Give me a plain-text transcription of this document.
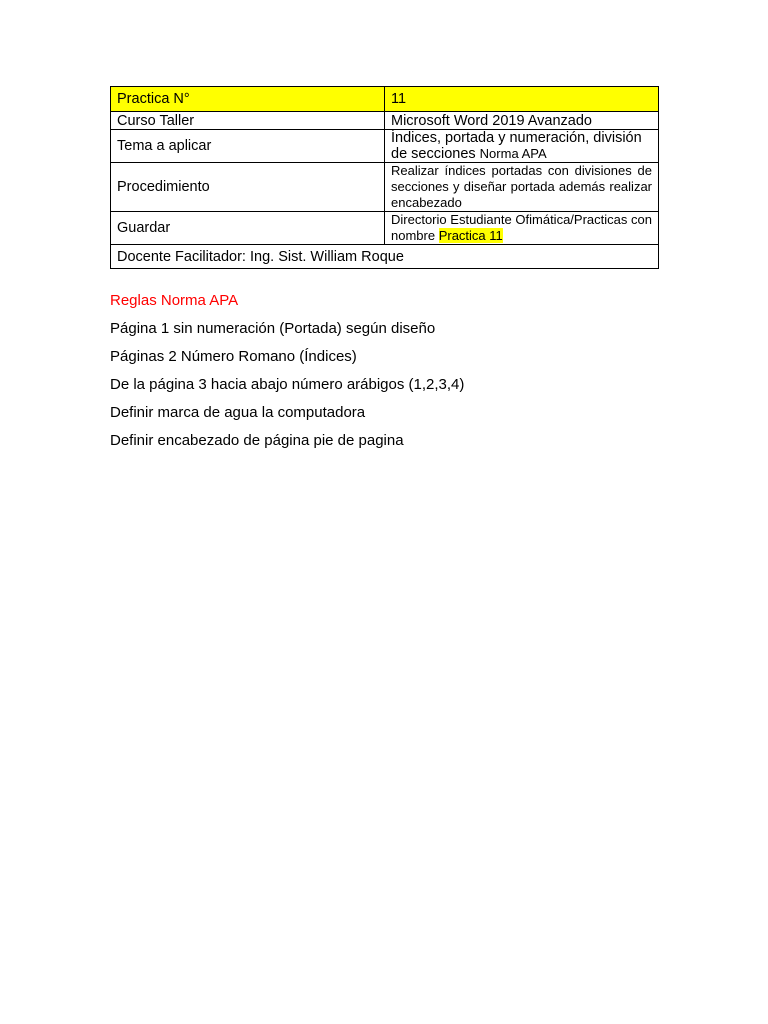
Practica N°	11
Curso Taller	Microsoft Word 2019 Avanzado
Tema a aplicar	Índices, portada y numeración, división de secciones Norma APA
Procedimiento	Realizar índices portadas con divisiones de secciones y diseñar portada además realizar encabezado
Guardar	Directorio Estudiante Ofimática/Practicas con nombre Practica 11
Docente Facilitador: Ing. Sist. William Roque	
Reglas Norma APA
Página 1 sin numeración (Portada) según diseño
Páginas 2 Número Romano (Índices)
De la página 3 hacia abajo número arábigos (1,2,3,4)
Definir marca de agua la computadora
Definir encabezado de página pie de pagina
